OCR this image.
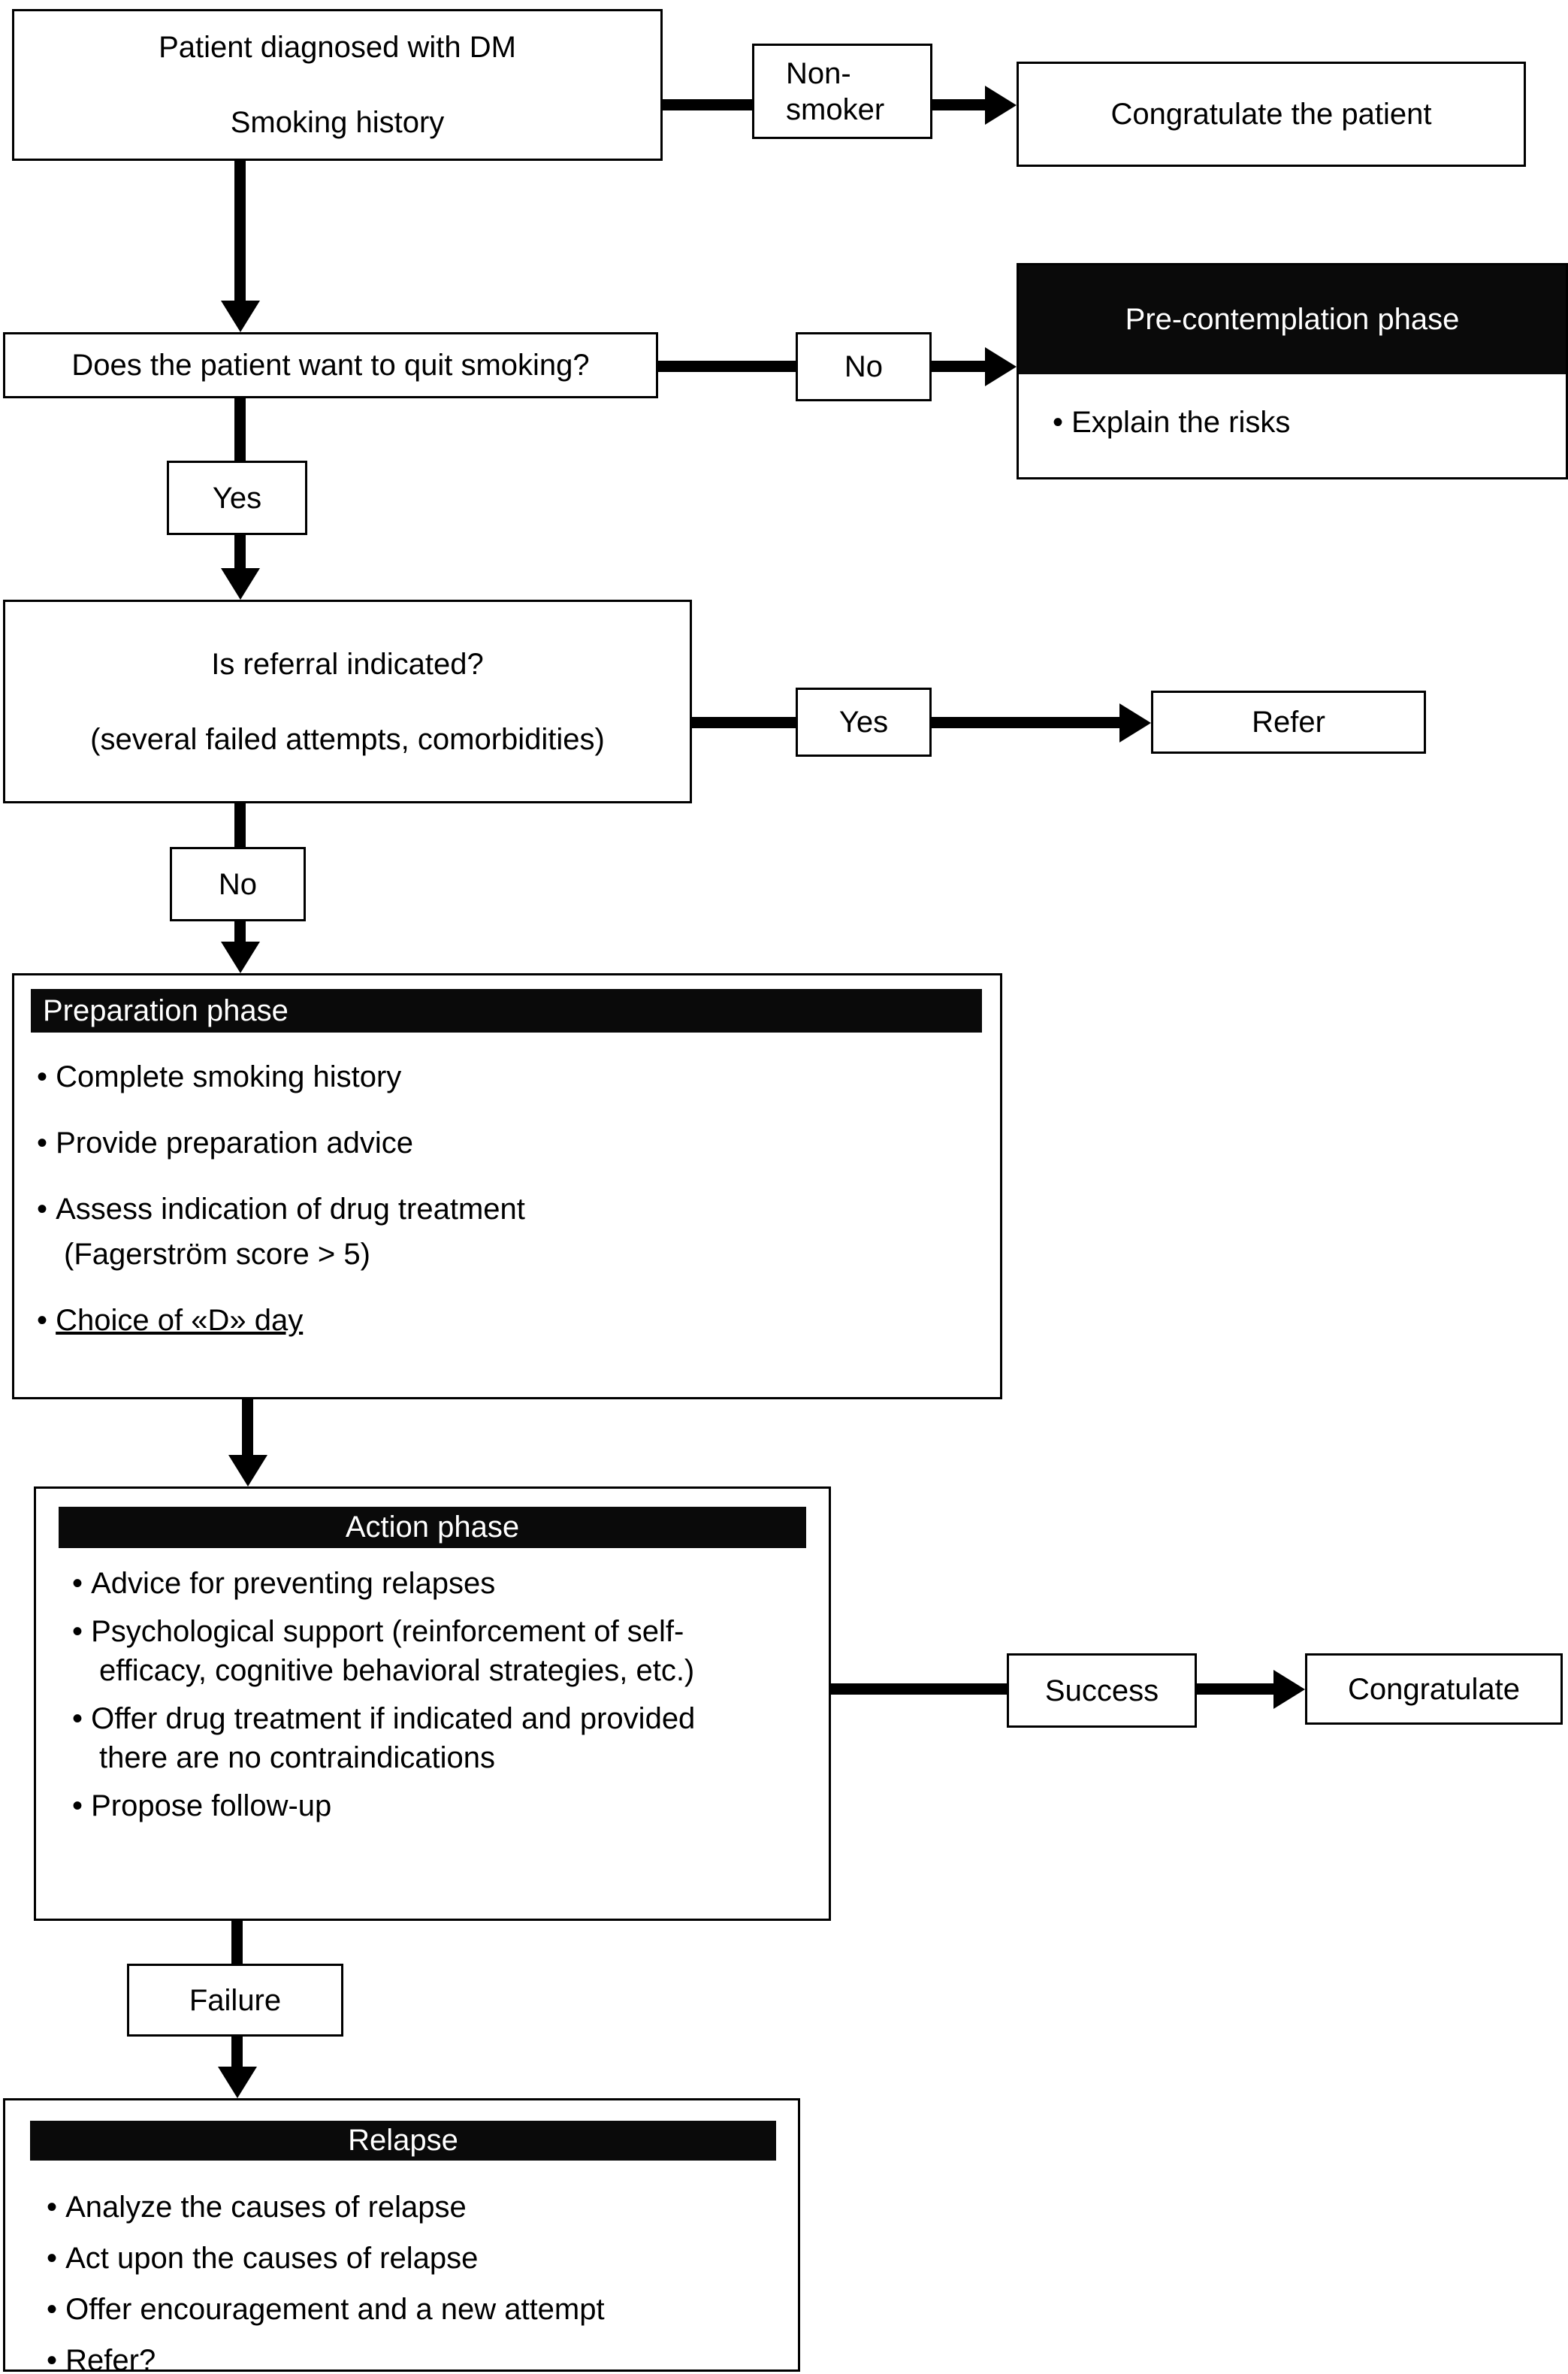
Patient diagnosed with DM
Smoking history
Non-
smoker	Congratulate the patient
Does the patient want to quit smoking?	No
Pre-contemplation phase
• Explain the risks
Yes
Is referral indicated?
(several failed attempts, comorbidities)
Yes	Refer
No
Preparation phase
• Complete smoking history
• Provide preparation advice
• Assess indication of drug treatment
(Fagerström score > 5)
• Choice of «D» day
Action phase
• Advice for preventing relapses
• Psychological support (reinforcement of self-efficacy, cognitive behavioral strategies, etc.)
• Offer drug treatment if indicated and provided there are no contraindications
• Propose follow-up
Success	Congratulate
Failure
Relapse
• Analyze the causes of relapse
• Act upon the causes of relapse
• Offer encouragement and a new attempt
• Refer?
